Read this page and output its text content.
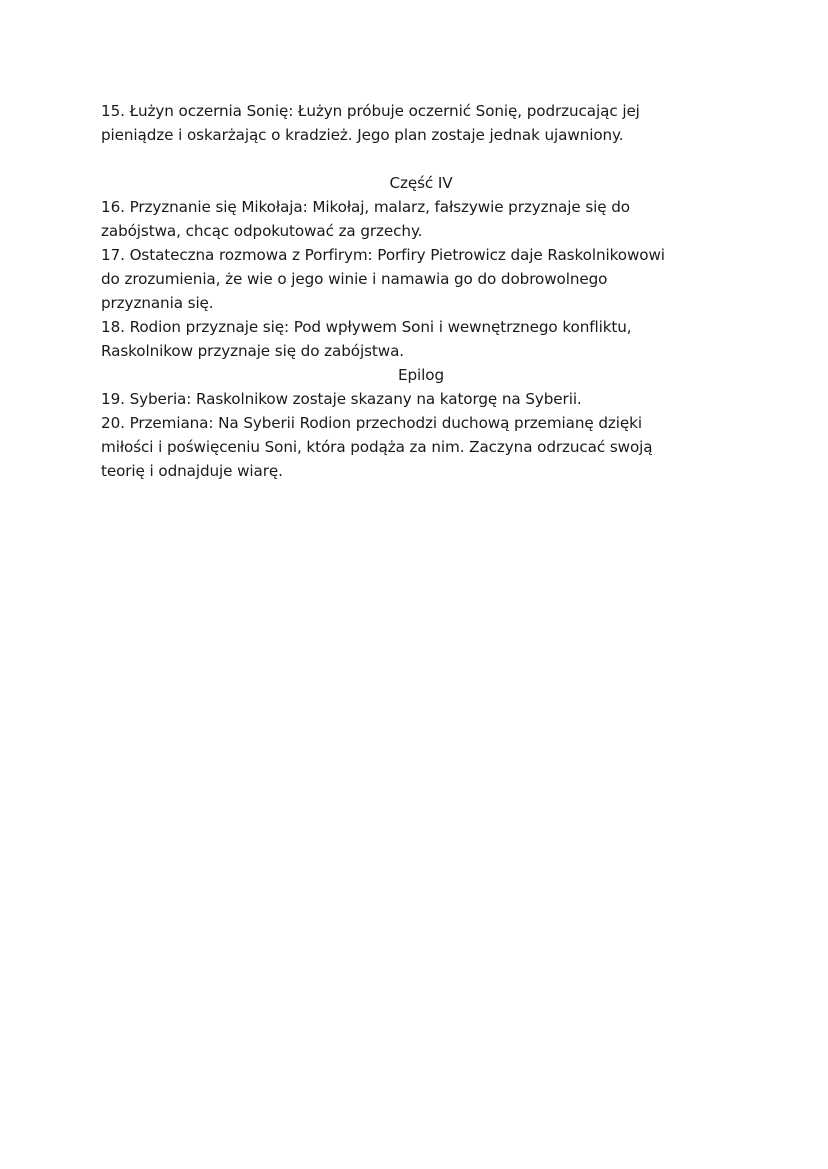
15. Łużyn oczernia Sonię: Łużyn próbuje oczernić Sonię, podrzucając jej

pieniądze i oskarżając o kradzież. Jego plan zostaje jednak ujawniony.

Część IV

16. Przyznanie się Mikołaja: Mikołaj, malarz, fałszywie przyznaje się do

zabójstwa, chcąc odpokutować za grzechy.

17. Ostateczna rozmowa z Porfirym: Porfiry Pietrowicz daje Raskolnikowowi

do zrozumienia, że wie o jego winie i namawia go do dobrowolnego

przyznania się.

18. Rodion przyznaje się: Pod wpływem Soni i wewnętrznego konfliktu,

Raskolnikow przyznaje się do zabójstwa.

Epilog

19. Syberia: Raskolnikow zostaje skazany na katorgę na Syberii.

20. Przemiana: Na Syberii Rodion przechodzi duchową przemianę dzięki

miłości i poświęceniu Soni, która podąża za nim. Zaczyna odrzucać swoją

teorię i odnajduje wiarę.
